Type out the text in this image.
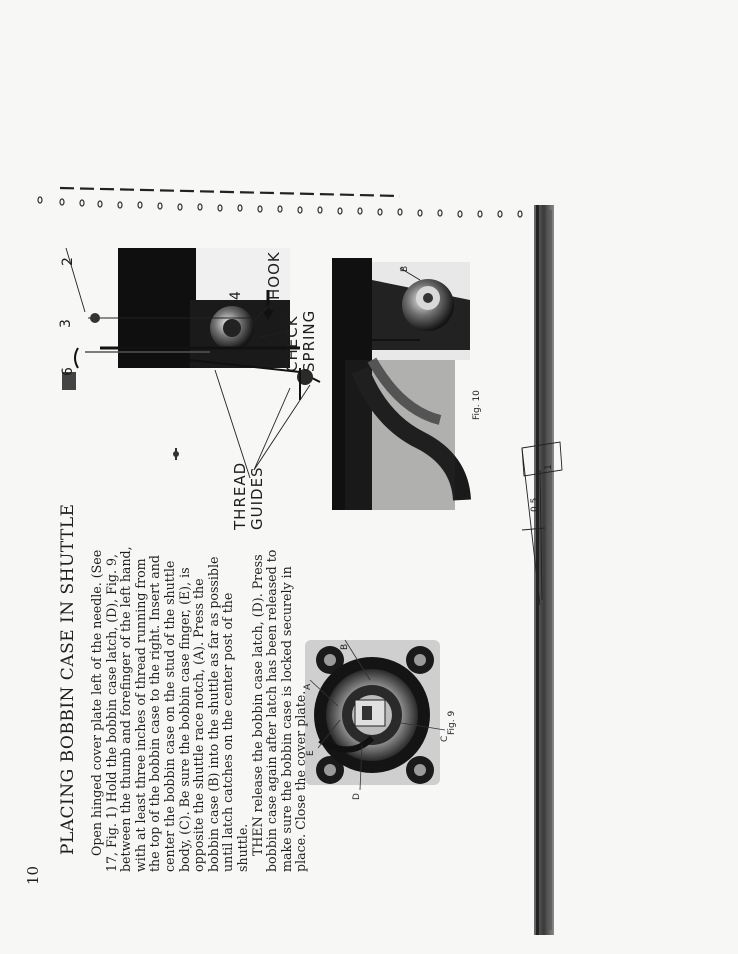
10
PLACING BOBBIN CASE IN SHUTTLE Open hinged cover plate left of the needle. (See 17, Fig. 1) Hold the bobbin case latch, (D), Fig. 9, between the thumb and forefinger of the left hand, with at least three inches of thread running from the top of the bobbin case to the right. Insert and center the bobbin case on the stud of the shuttle body, (C). Be sure the bobbin case finger, (E), is opposite the shuttle race notch, (A). Press the bobbin case (B) into the shuttle as far as possible until latch catches on the center post of the shuttle. THEN release the bobbin case latch, (D). Press bobbin case again after latch has been released to make sure the bobbin case is locked securely in place. Close the cover plate.	Fig. 9
A
B
C
D
E
Fig. 10
THREAD GUIDES
CHECK SPRING
HOOK
2
3
4
6
B
1
0.5
